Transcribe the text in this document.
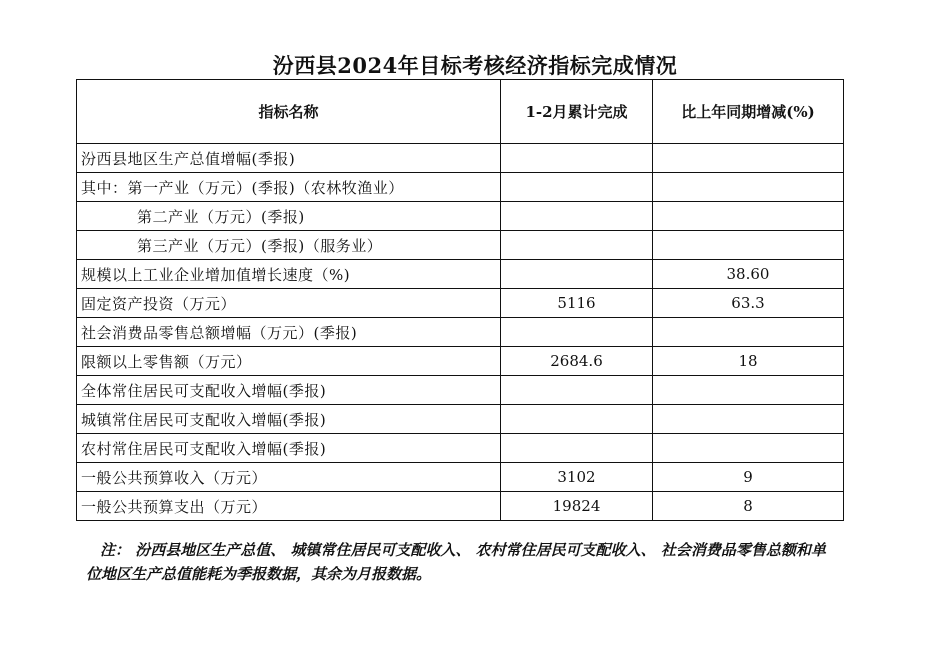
汾西县2024年目标考核经济指标完成情况
指标名称	1-2月累计完成	比上年同期增减(%)
汾西县地区生产总值增幅(季报)		
其中：第一产业（万元）(季报)（农林牧渔业）		
第二产业（万元）(季报)		
第三产业（万元）(季报)（服务业）		
规模以上工业企业增加值增长速度（%)		38.60
固定资产投资（万元）	5116	63.3
社会消费品零售总额增幅（万元）(季报)		
限额以上零售额（万元）	2684.6	18
全体常住居民可支配收入增幅(季报)		
城镇常住居民可支配收入增幅(季报)		
农村常住居民可支配收入增幅(季报)		
一般公共预算收入（万元）	3102	9
一般公共预算支出（万元）	19824	8
注： 汾西县地区生产总值、 城镇常住居民可支配收入、 农村常住居民可支配收入、 社会消费品零售总额和单位地区生产总值能耗为季报数据，其余为月报数据。
